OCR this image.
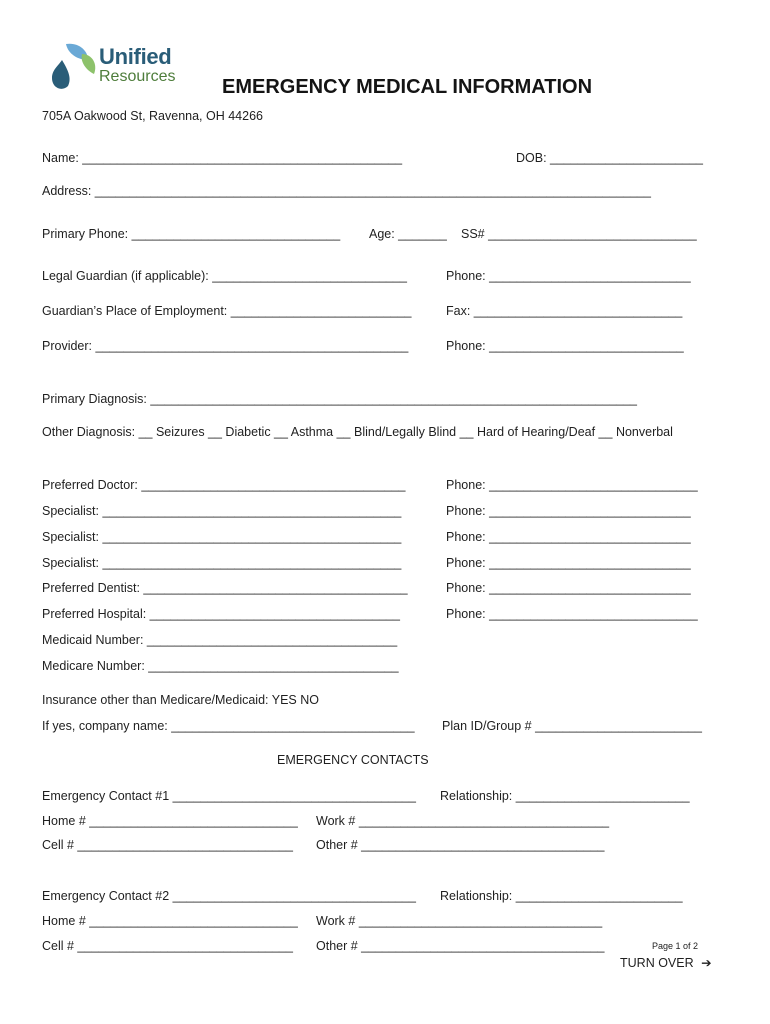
Unified
Resources EMERGENCY MEDICAL INFORMATION
705A Oakwood St, Ravenna, OH 44266
Name: ______________________________________________	DOB: ______________________
Address: ________________________________________________________________________________
Primary Phone: ______________________________ Age: _______ SS# ______________________________
Legal Guardian (if applicable): ____________________________	Phone: _____________________________
Guardian’s Place of Employment: __________________________	Fax: ______________________________
Provider: _____________________________________________	Phone: ____________________________
Primary Diagnosis: ______________________________________________________________________
Other Diagnosis: __ Seizures __ Diabetic __ Asthma __ Blind/Legally Blind __ Hard of Hearing/Deaf __ Nonverbal
Preferred Doctor: ______________________________________	Phone: ______________________________
Specialist: ___________________________________________	Phone: _____________________________
Specialist: ___________________________________________	Phone: _____________________________
Specialist: ___________________________________________	Phone: _____________________________
Preferred Dentist: ______________________________________	Phone: _____________________________
Preferred Hospital: ____________________________________	Phone: ______________________________
Medicaid Number: ____________________________________
Medicare Number: ____________________________________
Insurance other than Medicare/Medicaid: YES NO
If yes, company name: ___________________________________ Plan ID/Group # ________________________
EMERGENCY CONTACTS
Emergency Contact #1 ___________________________________ Relationship: _________________________
Home # ______________________________ Work # ____________________________________
Cell # _______________________________ Other # ___________________________________
Emergency Contact #2 ___________________________________ Relationship: ________________________
Home # ______________________________ Work # ___________________________________
Cell # _______________________________ Other # ___________________________________	Page 1 of 2
TURN OVER ➔
